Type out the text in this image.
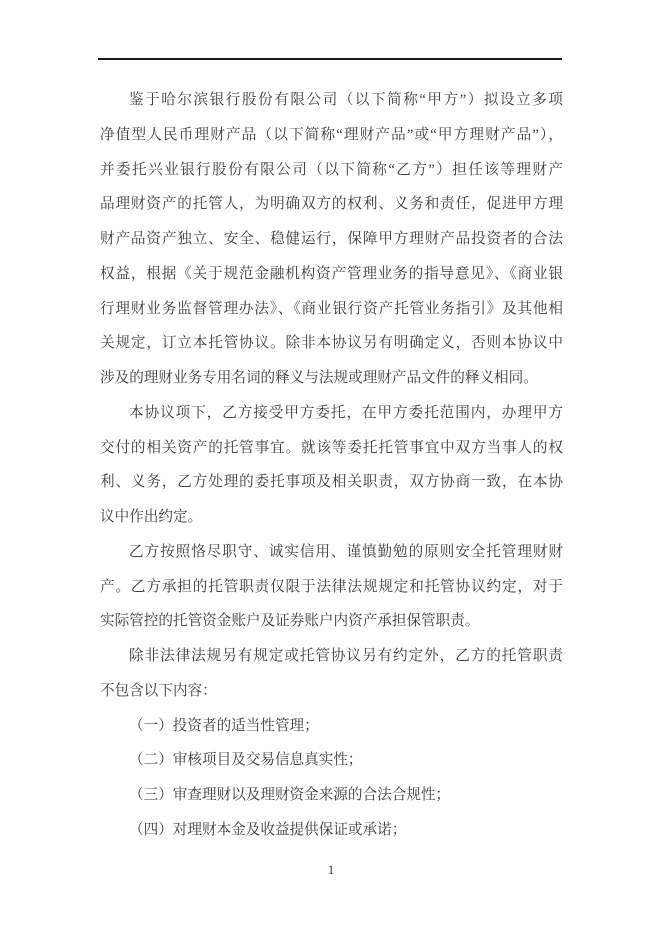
鉴于哈尔滨银行股份有限公司（以下简称“甲方”）拟设立多项
净值型人民币理财产品（以下简称“理财产品”或“甲方理财产品”），
并委托兴业银行股份有限公司（以下简称“乙方”）担任该等理财产
品理财资产的托管人，为明确双方的权利、义务和责任，促进甲方理
财产品资产独立、安全、稳健运行，保障甲方理财产品投资者的合法
权益，根据《关于规范金融机构资产管理业务的指导意见》、《商业银
行理财业务监督管理办法》、《商业银行资产托管业务指引》及其他相
关规定，订立本托管协议。除非本协议另有明确定义，否则本协议中
涉及的理财业务专用名词的释义与法规或理财产品文件的释义相同。
本协议项下，乙方接受甲方委托，在甲方委托范围内，办理甲方
交付的相关资产的托管事宜。就该等委托托管事宜中双方当事人的权
利、义务，乙方处理的委托事项及相关职责，双方协商一致，在本协
议中作出约定。
乙方按照恪尽职守、诚实信用、谨慎勤勉的原则安全托管理财财
产。乙方承担的托管职责仅限于法律法规规定和托管协议约定，对于
实际管控的托管资金账户及证券账户内资产承担保管职责。
除非法律法规另有规定或托管协议另有约定外，乙方的托管职责
不包含以下内容：
（一）投资者的适当性管理；
（二）审核项目及交易信息真实性；
（三）审查理财以及理财资金来源的合法合规性；
（四）对理财本金及收益提供保证或承诺；
1
